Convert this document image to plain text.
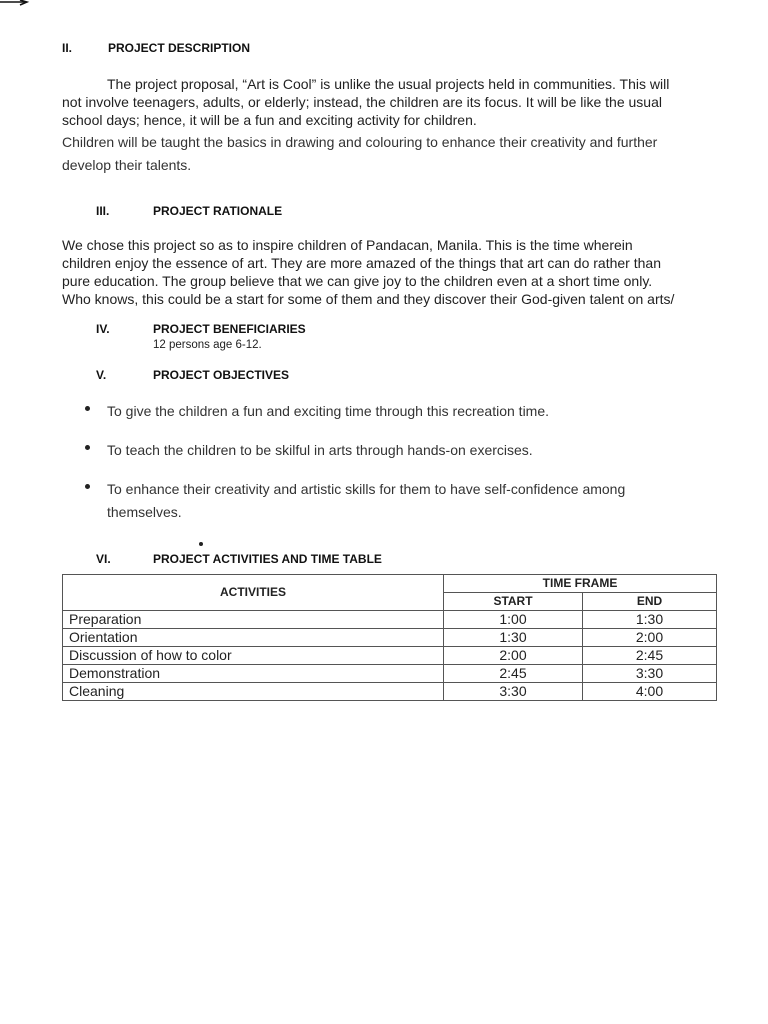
II.	PROJECT DESCRIPTION
The project proposal, “Art is Cool” is unlike the usual projects held in communities. This will
not involve teenagers, adults, or elderly; instead, the children are its focus. It will be like the usual
school days; hence, it will be a fun and exciting activity for children.
Children will be taught the basics in drawing and colouring to enhance their creativity and further
develop their talents.
III.	PROJECT RATIONALE
We chose this project so as to inspire children of Pandacan, Manila. This is the time wherein
children enjoy the essence of art. They are more amazed of the things that art can do rather than
pure education. The group believe that we can give joy to the children even at a short time only.
Who knows, this could be a start for some of them and they discover their God-given talent on arts/
IV.	PROJECT BENEFICIARIES
12 persons age 6-12.
V.	PROJECT OBJECTIVES
To give the children a fun and exciting time through this recreation time.
To teach the children to be skilful in arts through hands-on exercises.
To enhance their creativity and artistic skills for them to have self-confidence among
themselves.
VI.	PROJECT ACTIVITIES AND TIME TABLE
ACTIVITIES	TIME FRAME	
	START	END
Preparation	1:00	1:30
Orientation	1:30	2:00
Discussion of how to color	2:00	2:45
Demonstration	2:45	3:30
Cleaning	3:30	4:00
